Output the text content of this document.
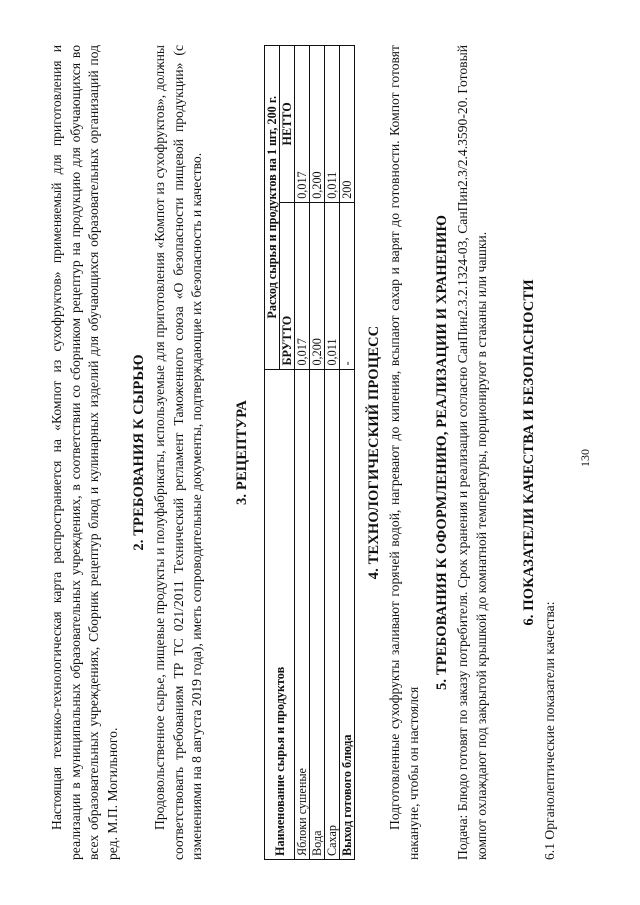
Настоящая технико-технологическая карта распространяется на «Компот из сухофруктов» применяемый для приготовления и реализации в муниципальных образовательных учреждениях, в соответствии со сборником рецептур на продукцию для обучающихся во всех образовательных учреждениях, Сборник рецептур блюд и кулинарных изделий для обучающихся образовательных организаций под ред. М.П. Могильного.
2. ТРЕБОВАНИЯ К СЫРЬЮ Продовольственное сырье, пищевые продукты и полуфабрикаты, используемые для приготовления «Компот из сухофруктов», должны соответствовать требованиям ТР ТС 021/2011 Технический регламент Таможенного союза «О безопасности пищевой продукции» (с изменениями на 8 августа 2019 года), иметь сопроводительные документы, подтверждающие их безопасность и качество. 3. РЕЦЕПТУРА
Наименование сырья и продуктов	Расход сырья и продуктов на 1 шт, 200 г.	
	БРУТТО	НЕТТО
Яблоки сушеные	0,017	0,017
Вода	0,200	0,200
Сахар	0,011	0,011
Выход готового блюда	-	200
4. ТЕХНОЛОГИЧЕСКИЙ ПРОЦЕСС Подготовленные сухофрукты заливают горячей водой, нагревают до кипения, всыпают сахар и варят до готовности. Компот готовят накануне, чтобы он настоялся
5. ТРЕБОВАНИЯ К ОФОРМЛЕНИЮ, РЕАЛИЗАЦИИ И ХРАНЕНИЮ Подача: Блюдо готовят по заказу потребителя. Срок хранения и реализации согласно СанПин2.3.2.1324-03, СанПин2.3/2.4.3590-20. Готовый компот охлаждают под закрытой крышкой до комнатной температуры, порционируют в стаканы или чашки. 6. ПОКАЗАТЕЛИ КАЧЕСТВА И БЕЗОПАСНОСТИ
6.1 Органолептические показатели качества:
130
